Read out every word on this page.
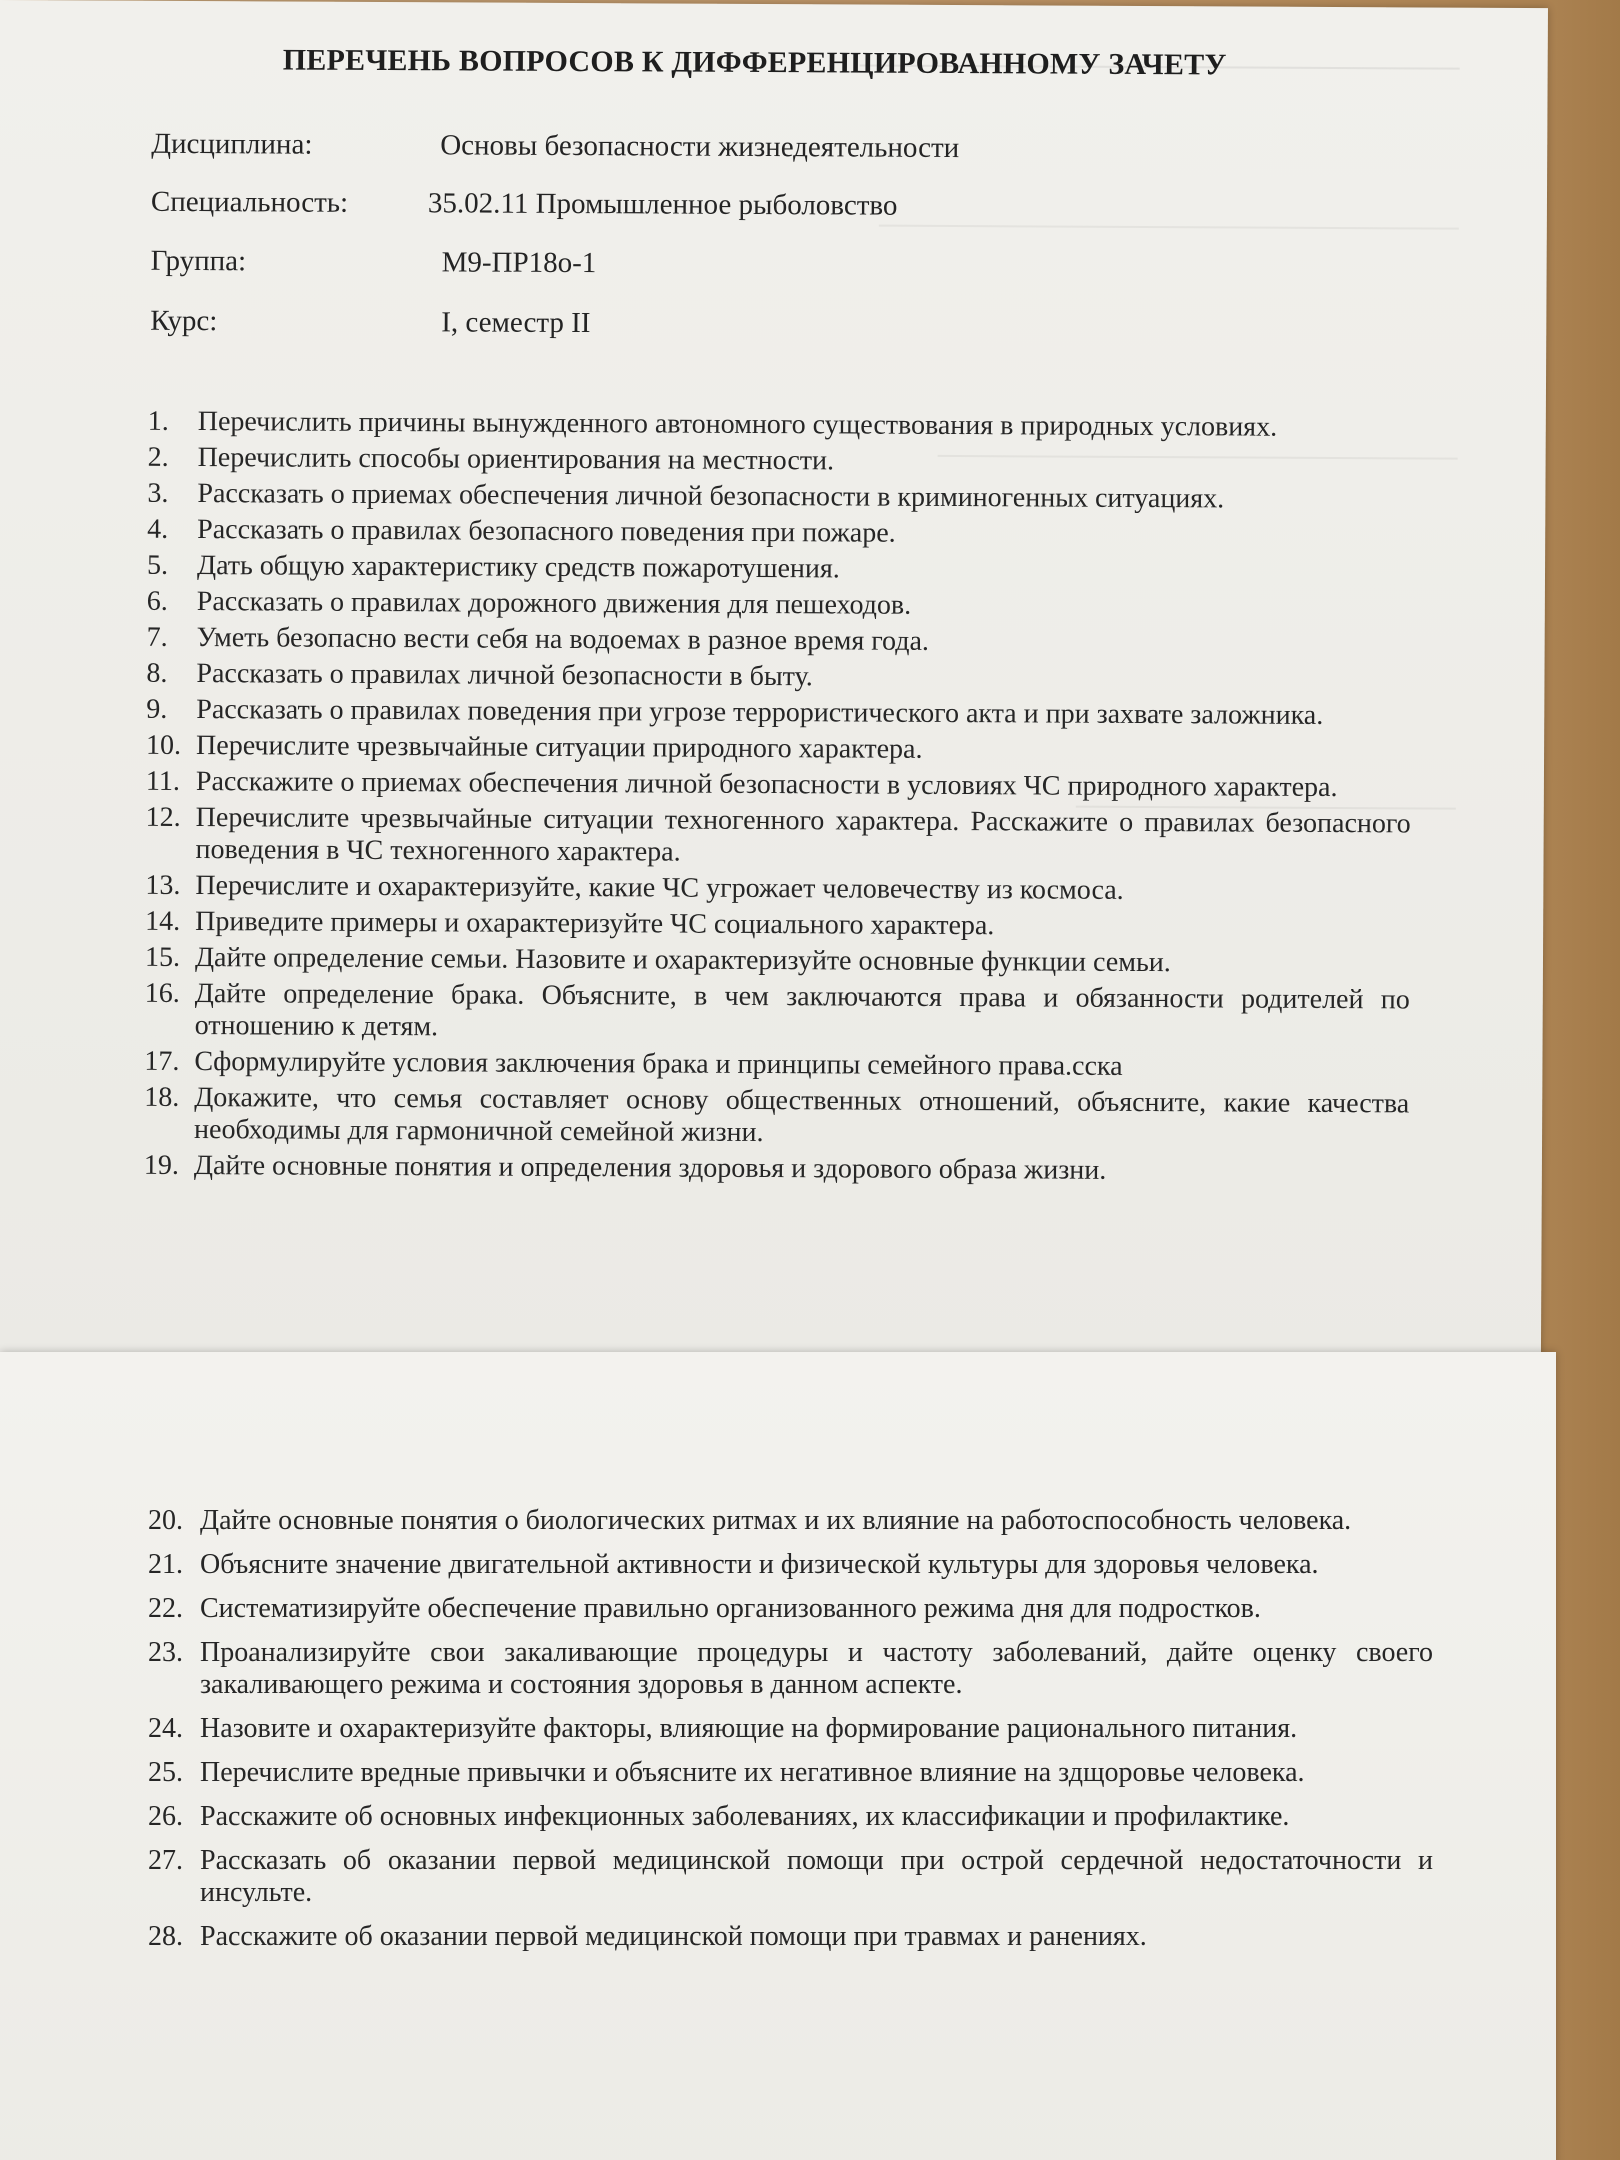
ПЕРЕЧЕНЬ ВОПРОСОВ К ДИФФЕРЕНЦИРОВАННОМУ ЗАЧЕТУ
Дисциплина:	Основы безопасности жизнедеятельности
Специальность:	35.02.11 Промышленное рыболовство
Группа:	М9-ПР18о-1
Курс:	I, семестр II
1.	Перечислить причины вынужденного автономного существования в природных условиях.
2.	Перечислить способы ориентирования на местности.
3.	Рассказать о приемах обеспечения личной безопасности в криминогенных ситуациях.
4.	Рассказать о правилах безопасного поведения при пожаре.
5.	Дать общую характеристику средств пожаротушения.
6.	Рассказать о правилах дорожного движения для пешеходов.
7.	Уметь безопасно вести себя на водоемах в разное время года.
8.	Рассказать о правилах личной безопасности в быту.
9.	Рассказать о правилах поведения при угрозе террористического акта и при захвате заложника.
10. Перечислите чрезвычайные ситуации природного характера.
11. Расскажите о приемах обеспечения личной безопасности в условиях ЧС природного характера.
12. Перечислите чрезвычайные ситуации техногенного характера. Расскажите о правилах безопасного поведения в ЧС техногенного характера.
13. Перечислите и охарактеризуйте, какие ЧС угрожает человечеству из космоса.
14. Приведите примеры и охарактеризуйте ЧС социального характера.
15. Дайте определение семьи. Назовите и охарактеризуйте основные функции семьи.
16. Дайте определение брака. Объясните, в чем заключаются права и обязанности родителей по отношению к детям.
17. Сформулируйте условия заключения брака и принципы семейного права.сска
18. Докажите, что семья составляет основу общественных отношений, объясните, какие качества необходимы для гармоничной семейной жизни.
19. Дайте основные понятия и определения здоровья и здорового образа жизни.
20. Дайте основные понятия о биологических ритмах и их влияние на работоспособность человека.
21. Объясните значение двигательной активности и физической культуры для здоровья человека.
22. Систематизируйте обеспечение правильно организованного режима дня для подростков.
23. Проанализируйте свои закаливающие процедуры и частоту заболеваний, дайте оценку своего закаливающего режима и состояния здоровья в данном аспекте.
24. Назовите и охарактеризуйте факторы, влияющие на формирование рационального питания.
25. Перечислите вредные привычки и объясните их негативное влияние на здщоровье человека.
26. Расскажите об основных инфекционных заболеваниях, их классификации и профилактике.
27. Рассказать об оказании первой медицинской помощи при острой сердечной недостаточности и инсульте.
28. Расскажите об оказании первой медицинской помощи при травмах и ранениях.
